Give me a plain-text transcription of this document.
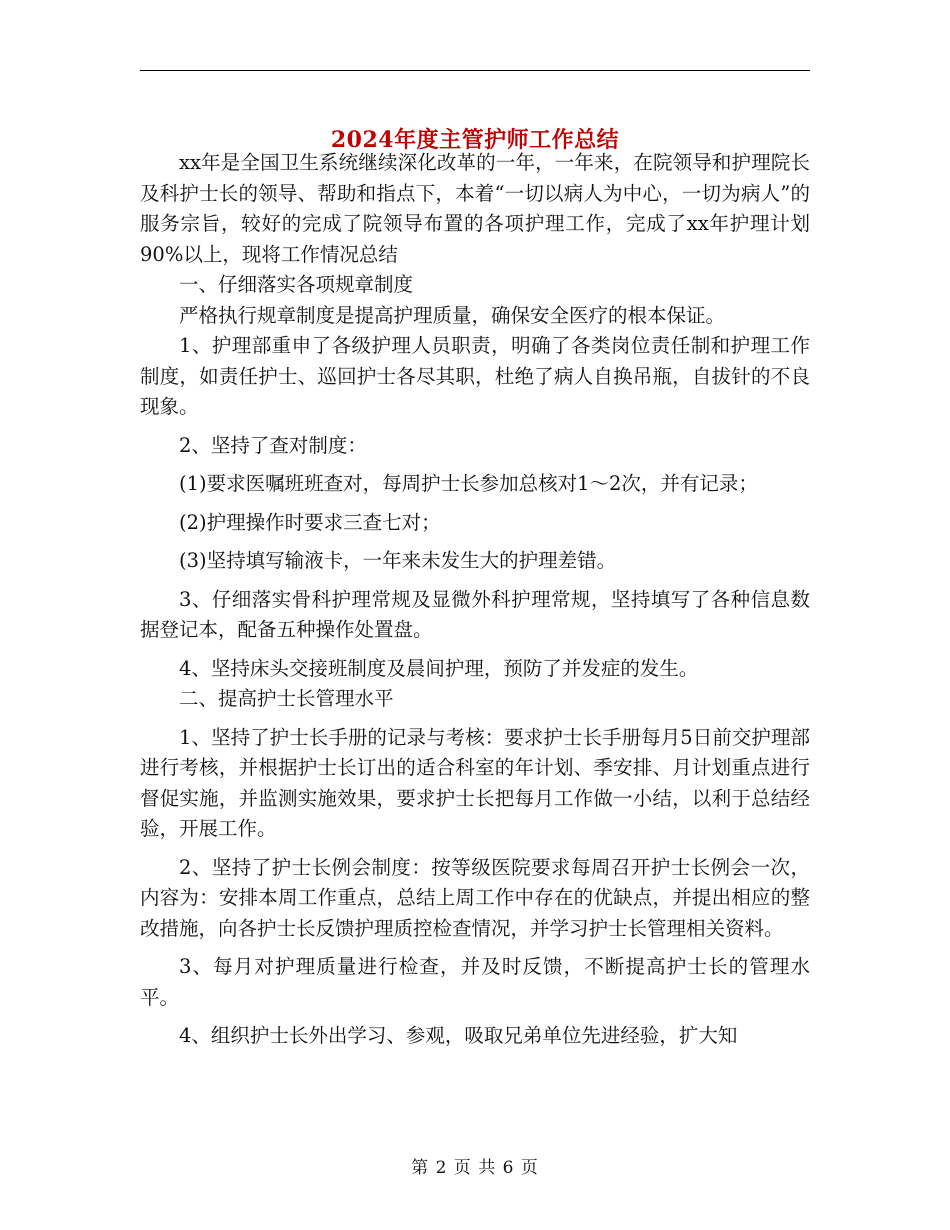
2024年度主管护师工作总结

xx年是全国卫生系统继续深化改革的一年，一年来，在院领导和护理院长及科护士长的领导、帮助和指点下，本着“一切以病人为中心，一切为病人”的服务宗旨，较好的完成了院领导布置的各项护理工作，完成了xx年护理计划90%以上，现将工作情况总结

一、仔细落实各项规章制度

严格执行规章制度是提高护理质量，确保安全医疗的根本保证。

1、护理部重申了各级护理人员职责，明确了各类岗位责任制和护理工作制度，如责任护士、巡回护士各尽其职，杜绝了病人自换吊瓶，自拔针的不良现象。

2、坚持了查对制度：

(1)要求医嘱班班查对，每周护士长参加总核对1～2次，并有记录；

(2)护理操作时要求三查七对；

(3)坚持填写输液卡，一年来未发生大的护理差错。

3、仔细落实骨科护理常规及显微外科护理常规，坚持填写了各种信息数据登记本，配备五种操作处置盘。

4、坚持床头交接班制度及晨间护理，预防了并发症的发生。

二、提高护士长管理水平

1、坚持了护士长手册的记录与考核：要求护士长手册每月5日前交护理部进行考核，并根据护士长订出的适合科室的年计划、季安排、月计划重点进行督促实施，并监测实施效果，要求护士长把每月工作做一小结，以利于总结经验，开展工作。

2、坚持了护士长例会制度：按等级医院要求每周召开护士长例会一次，内容为：安排本周工作重点，总结上周工作中存在的优缺点，并提出相应的整改措施，向各护士长反馈护理质控检查情况，并学习护士长管理相关资料。

3、每月对护理质量进行检查，并及时反馈，不断提高护士长的管理水平。

4、组织护士长外出学习、参观，吸取兄弟单位先进经验，扩大知

第 2 页 共 6 页
